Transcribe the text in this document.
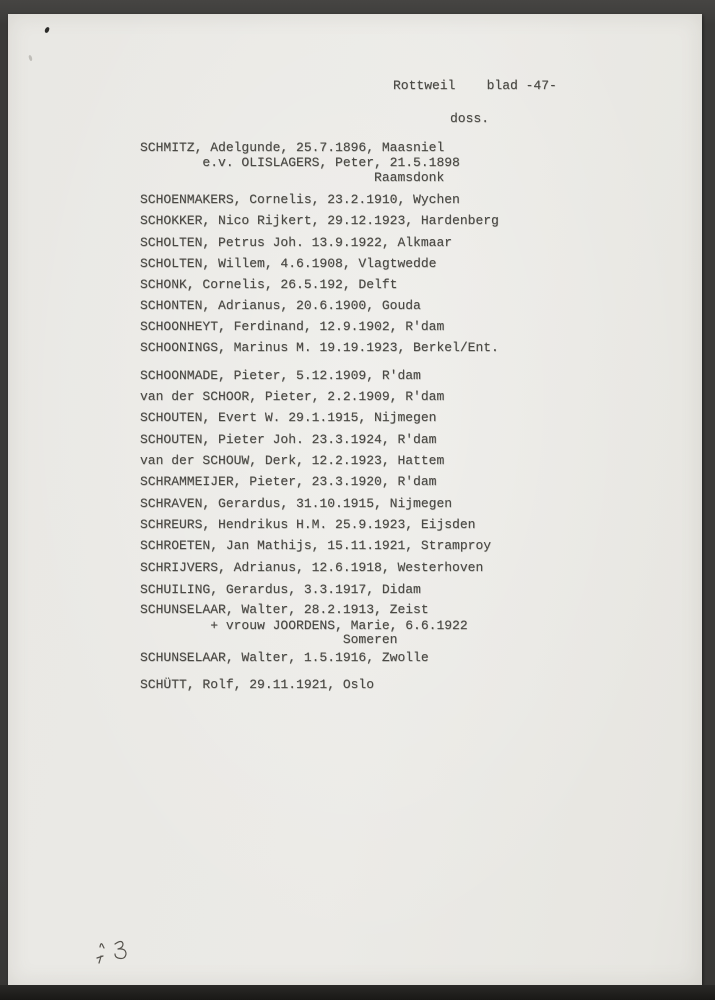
Rottweil    blad -47-
doss.
SCHMITZ, Adelgunde, 25.7.1896, Maasniel
e.v. OLISLAGERS, Peter, 21.5.1898
Raamsdonk
SCHOENMAKERS, Cornelis, 23.2.1910, Wychen
SCHOKKER, Nico Rijkert, 29.12.1923, Hardenberg
SCHOLTEN, Petrus Joh. 13.9.1922, Alkmaar
SCHOLTEN, Willem, 4.6.1908, Vlagtwedde
SCHONK, Cornelis, 26.5.192, Delft
SCHONTEN, Adrianus, 20.6.1900, Gouda
SCHOONHEYT, Ferdinand, 12.9.1902, R'dam
SCHOONINGS, Marinus M. 19.19.1923, Berkel/Ent.
SCHOONMADE, Pieter, 5.12.1909, R'dam
van der SCHOOR, Pieter, 2.2.1909, R'dam
SCHOUTEN, Evert W. 29.1.1915, Nijmegen
SCHOUTEN, Pieter Joh. 23.3.1924, R'dam
van der SCHOUW, Derk, 12.2.1923, Hattem
SCHRAMMEIJER, Pieter, 23.3.1920, R'dam
SCHRAVEN, Gerardus, 31.10.1915, Nijmegen
SCHREURS, Hendrikus H.M. 25.9.1923, Eijsden
SCHROETEN, Jan Mathijs, 15.11.1921, Stramproy
SCHRIJVERS, Adrianus, 12.6.1918, Westerhoven
SCHUILING, Gerardus, 3.3.1917, Didam
SCHUNSELAAR, Walter, 28.2.1913, Zeist
+ vrouw JOORDENS, Marie, 6.6.1922
Someren
SCHUNSELAAR, Walter, 1.5.1916, Zwolle
SCHÜTT, Rolf, 29.11.1921, Oslo
